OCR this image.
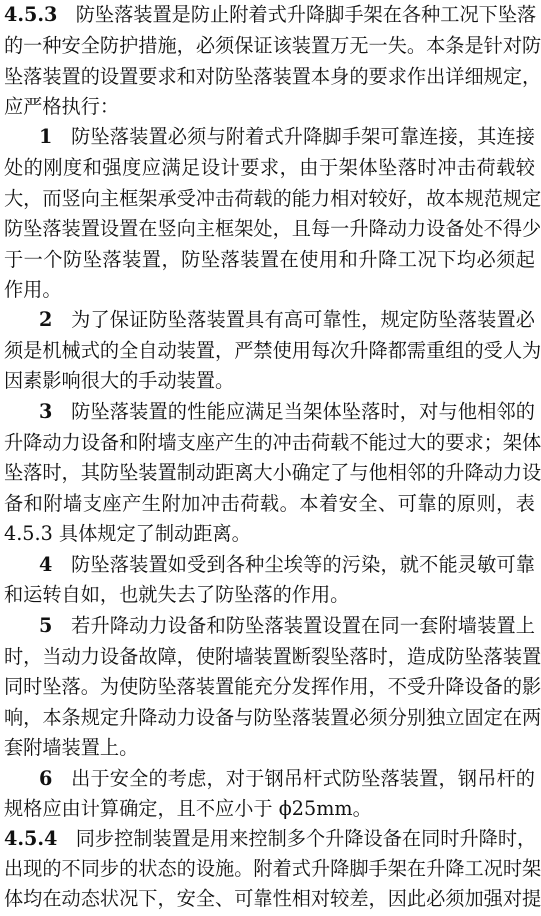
4.5.3 防坠落装置是防止附着式升降脚手架在各种工况下坠落
的一种安全防护措施，必须保证该装置万无一失。本条是针对防
坠落装置的设置要求和对防坠落装置本身的要求作出详细规定，
应严格执行：
1 防坠落装置必须与附着式升降脚手架可靠连接，其连接
处的刚度和强度应满足设计要求，由于架体坠落时冲击荷载较
大，而竖向主框架承受冲击荷载的能力相对较好，故本规范规定
防坠落装置设置在竖向主框架处，且每一升降动力设备处不得少
于一个防坠落装置，防坠落装置在使用和升降工况下均必须起
作用。
2 为了保证防坠落装置具有高可靠性，规定防坠落装置必
须是机械式的全自动装置，严禁使用每次升降都需重组的受人为
因素影响很大的手动装置。
3 防坠落装置的性能应满足当架体坠落时，对与他相邻的
升降动力设备和附墙支座产生的冲击荷载不能过大的要求；架体
坠落时，其防坠装置制动距离大小确定了与他相邻的升降动力设
备和附墙支座产生附加冲击荷载。本着安全、可靠的原则，表
4.5.3 具体规定了制动距离。
4 防坠落装置如受到各种尘埃等的污染，就不能灵敏可靠
和运转自如，也就失去了防坠落的作用。
5 若升降动力设备和防坠落装置设置在同一套附墙装置上
时，当动力设备故障，使附墙装置断裂坠落时，造成防坠落装置
同时坠落。为使防坠落装置能充分发挥作用，不受升降设备的影
响，本条规定升降动力设备与防坠落装置必须分别独立固定在两
套附墙装置上。
6 出于安全的考虑，对于钢吊杆式防坠落装置，钢吊杆的
规格应由计算确定，且不应小于 ϕ25mm。
4.5.4 同步控制装置是用来控制多个升降设备在同时升降时，
出现的不同步的状态的设施。附着式升降脚手架在升降工况时架
体均在动态状况下，安全、可靠性相对较差，因此必须加强对提
